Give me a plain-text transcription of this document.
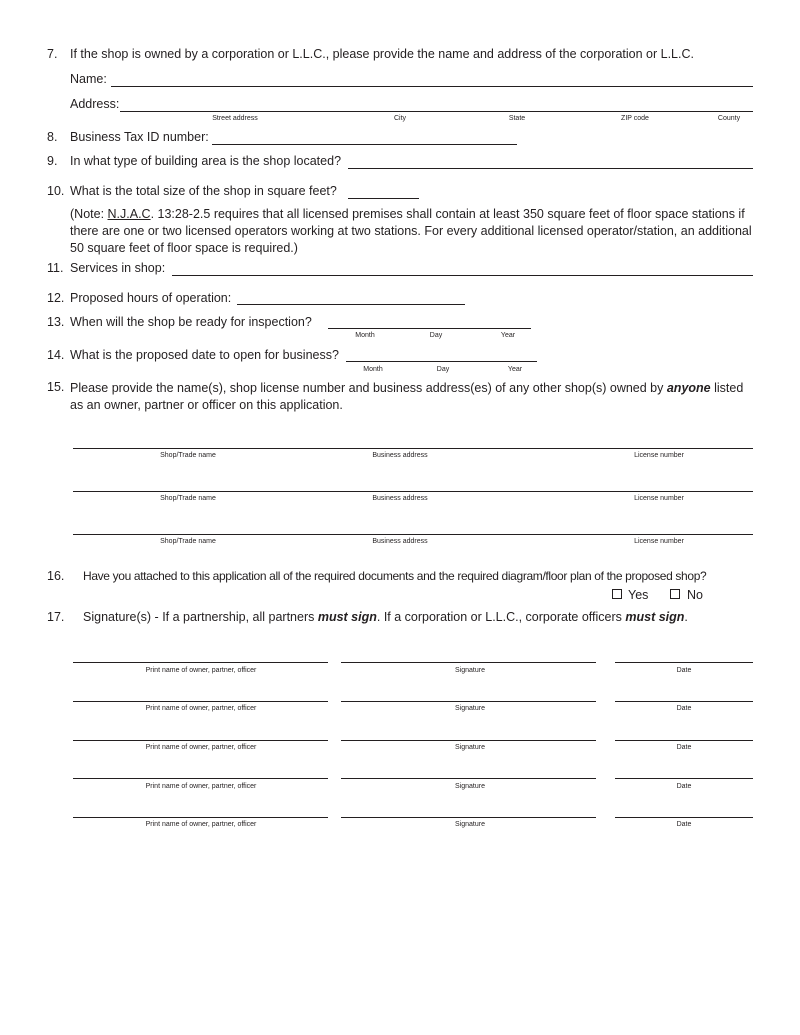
7. If the shop is owned by a corporation or L.L.C., please provide the name and address of the corporation or L.L.C.
Name:
Address:
Street address	City	State	ZIP code	County
8. Business Tax ID number:
9. In what type of building area is the shop located?
10. What is the total size of the shop in square feet?
(Note: N.J.A.C. 13:28-2.5 requires that all licensed premises shall contain at least 350 square feet of floor space stations if there are one or two licensed operators working at two stations. For every additional licensed operator/station, an additional 50 square feet of floor space is required.)
11. Services in shop:
12. Proposed hours of operation:
13. When will the shop be ready for inspection?
Month	Day	Year
14. What is the proposed date to open for business?
Month	Day	Year
15. Please provide the name(s), shop license number and business address(es) of any other shop(s) owned by anyone listed as an owner, partner or officer on this application.
Shop/Trade name	Business address	License number
Shop/Trade name	Business address	License number
Shop/Trade name	Business address	License number
16. Have you attached to this application all of the required documents and the required diagram/floor plan of the proposed shop?
Yes	No
17. Signature(s) - If a partnership, all partners must sign. If a corporation or L.L.C., corporate officers must sign.
Print name of owner, partner, officer	Signature	Date
Print name of owner, partner, officer	Signature	Date
Print name of owner, partner, officer	Signature	Date
Print name of owner, partner, officer	Signature	Date
Print name of owner, partner, officer	Signature	Date
